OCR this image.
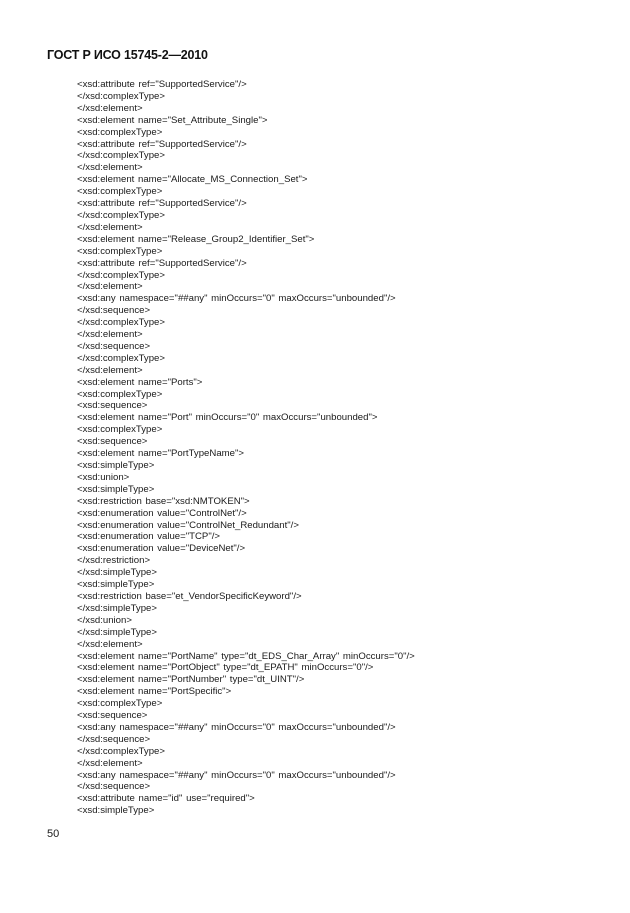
ГОСТ Р ИСО 15745-2—2010
<xsd:attribute ref="SupportedService"/>
</xsd:complexType>
</xsd:element>
<xsd:element name="Set_Attribute_Single">
<xsd:complexType>
<xsd:attribute ref="SupportedService"/>
</xsd:complexType>
</xsd:element>
<xsd:element name="Allocate_MS_Connection_Set">
<xsd:complexType>
<xsd:attribute ref="SupportedService"/>
</xsd:complexType>
</xsd:element>
<xsd:element name="Release_Group2_Identifier_Set">
<xsd:complexType>
<xsd:attribute ref="SupportedService"/>
</xsd:complexType>
</xsd:element>
<xsd:any namespace="##any" minOccurs="0" maxOccurs="unbounded"/>
</xsd:sequence>
</xsd:complexType>
</xsd:element>
</xsd:sequence>
</xsd:complexType>
</xsd:element>
<xsd:element name="Ports">
<xsd:complexType>
<xsd:sequence>
<xsd:element name="Port" minOccurs="0" maxOccurs="unbounded">
<xsd:complexType>
<xsd:sequence>
<xsd:element name="PortTypeName">
<xsd:simpleType>
<xsd:union>
<xsd:simpleType>
<xsd:restriction base="xsd:NMTOKEN">
<xsd:enumeration value="ControlNet"/>
<xsd:enumeration value="ControlNet_Redundant"/>
<xsd:enumeration value="TCP"/>
<xsd:enumeration value="DeviceNet"/>
</xsd:restriction>
</xsd:simpleType>
<xsd:simpleType>
<xsd:restriction base="et_VendorSpecificKeyword"/>
</xsd:simpleType>
</xsd:union>
</xsd:simpleType>
</xsd:element>
<xsd:element name="PortName" type="dt_EDS_Char_Array" minOccurs="0"/>
<xsd:element name="PortObject" type="dt_EPATH" minOccurs="0"/>
<xsd:element name="PortNumber" type="dt_UINT"/>
<xsd:element name="PortSpecific">
<xsd:complexType>
<xsd:sequence>
<xsd:any namespace="##any" minOccurs="0" maxOccurs="unbounded"/>
</xsd:sequence>
</xsd:complexType>
</xsd:element>
<xsd:any namespace="##any" minOccurs="0" maxOccurs="unbounded"/>
</xsd:sequence>
<xsd:attribute name="id" use="required">
<xsd:simpleType>
50
